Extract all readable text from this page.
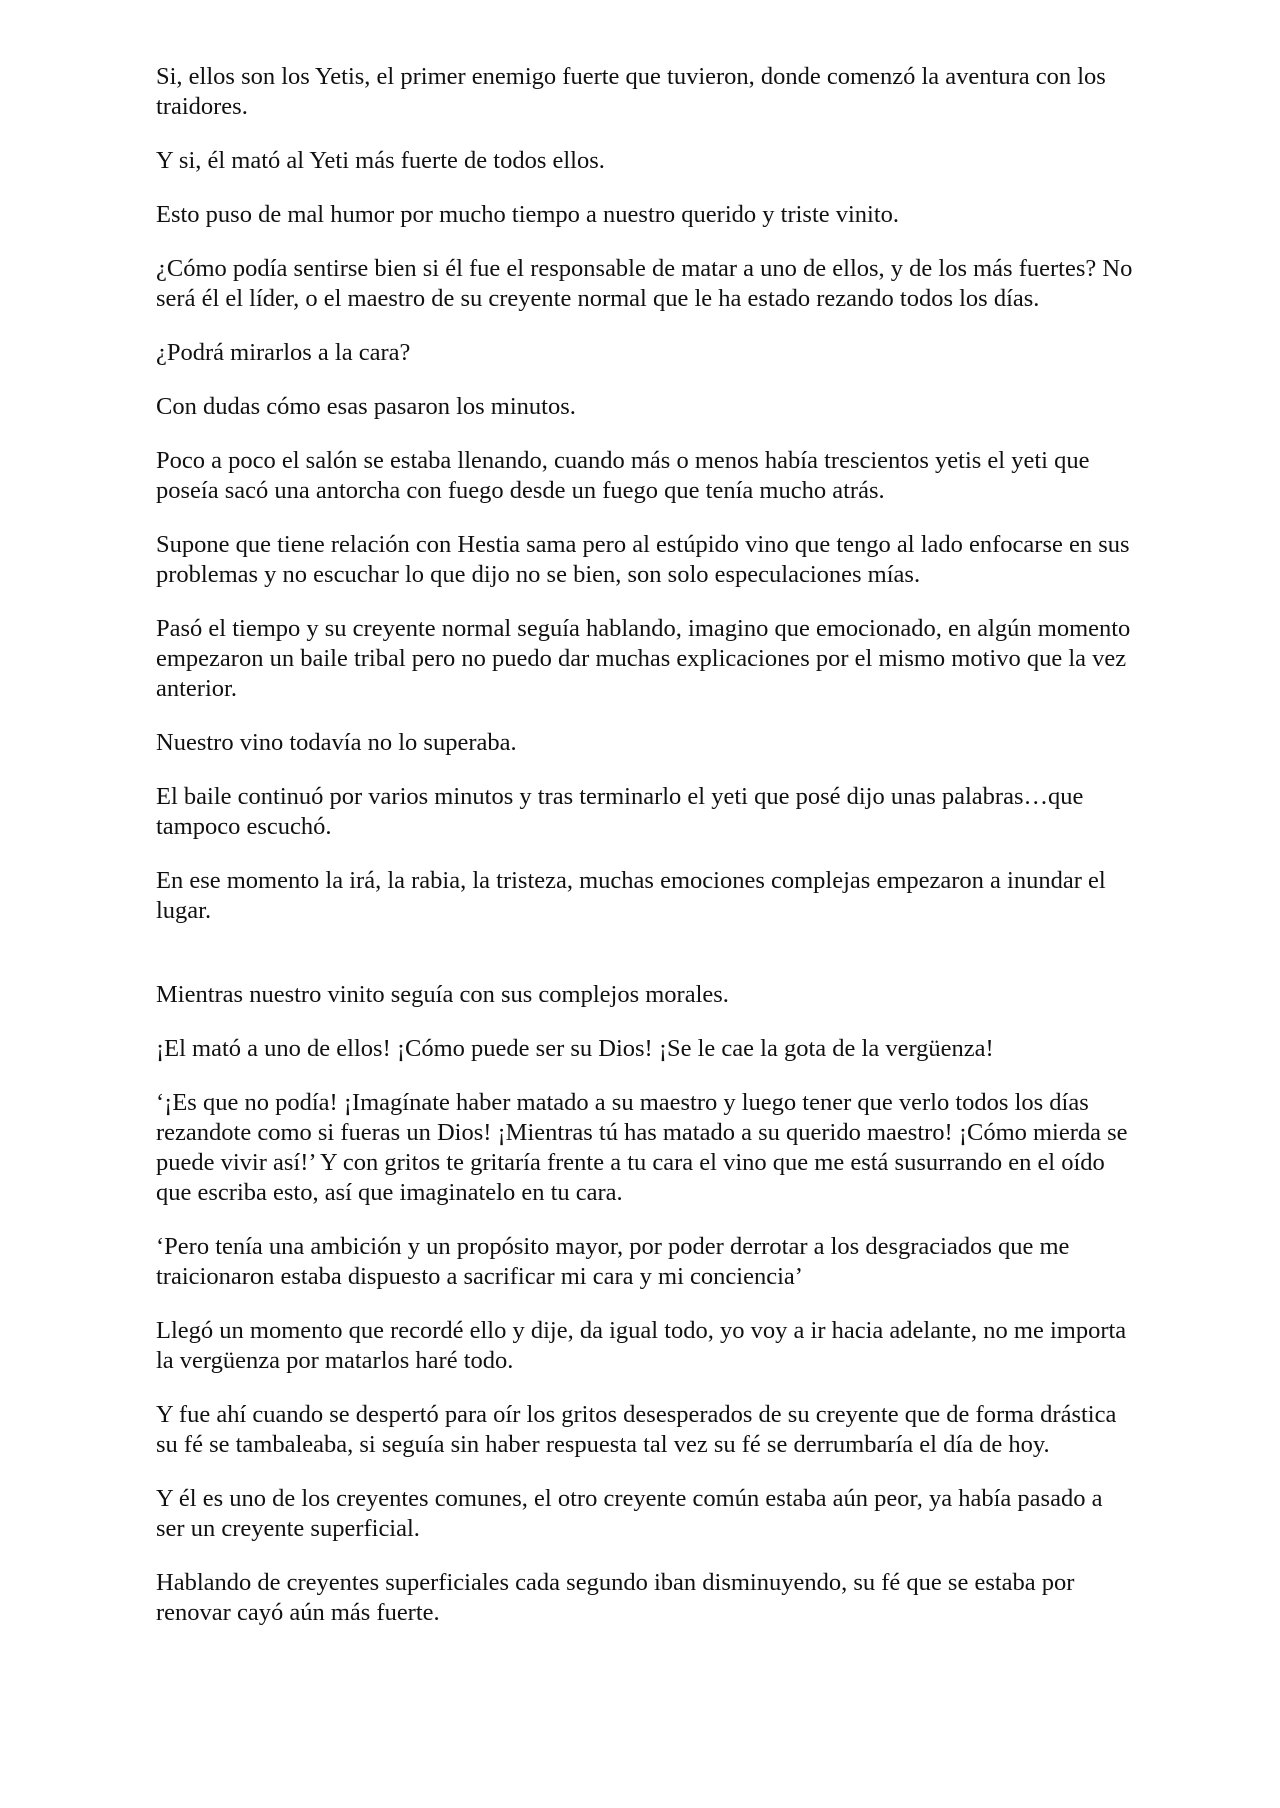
Si, ellos son los Yetis, el primer enemigo fuerte que tuvieron, donde comenzó la aventura con los traidores.

Y si, él mató al Yeti más fuerte de todos ellos.

Esto puso de mal humor por mucho tiempo a nuestro querido y triste vinito.

¿Cómo podía sentirse bien si él fue el responsable de matar a uno de ellos, y de los más fuertes? No será él el líder, o el maestro de su creyente normal que le ha estado rezando todos los días.

¿Podrá mirarlos a la cara?

Con dudas cómo esas pasaron los minutos.

Poco a poco el salón se estaba llenando, cuando más o menos había trescientos yetis el yeti que poseía sacó una antorcha con fuego desde un fuego que tenía mucho atrás.

Supone que tiene relación con Hestia sama pero al estúpido vino que tengo al lado enfocarse en sus problemas y no escuchar lo que dijo no se bien, son solo especulaciones mías.

Pasó el tiempo y su creyente normal seguía hablando, imagino que emocionado, en algún momento empezaron un baile tribal pero no puedo dar muchas explicaciones por el mismo motivo que la vez anterior.

Nuestro vino todavía no lo superaba.

El baile continuó por varios minutos y tras terminarlo el yeti que posé dijo unas palabras…que tampoco escuchó.

En ese momento la irá, la rabia, la tristeza, muchas emociones complejas empezaron a inundar el lugar.

Mientras nuestro vinito seguía con sus complejos morales.

¡El mató a uno de ellos! ¡Cómo puede ser su Dios! ¡Se le cae la gota de la vergüenza!

‘¡Es que no podía! ¡Imagínate haber matado a su maestro y luego tener que verlo todos los días rezandote como si fueras un Dios! ¡Mientras tú has matado a su querido maestro! ¡Cómo mierda se puede vivir así!’ Y con gritos te gritaría frente a tu cara el vino que me está susurrando en el oído que escriba esto, así que imaginatelo en tu cara.

‘Pero tenía una ambición y un propósito mayor, por poder derrotar a los desgraciados que me traicionaron estaba dispuesto a sacrificar mi cara y mi conciencia’

Llegó un momento que recordé ello y dije, da igual todo, yo voy a ir hacia adelante, no me importa la vergüenza por matarlos haré todo.

Y fue ahí cuando se despertó para oír los gritos desesperados de su creyente que de forma drástica su fé se tambaleaba, si seguía sin haber respuesta tal vez su fé se derrumbaría el día de hoy.

Y él es uno de los creyentes comunes, el otro creyente común estaba aún peor, ya había pasado a ser un creyente superficial.

Hablando de creyentes superficiales cada segundo iban disminuyendo, su fé que se estaba por renovar cayó aún más fuerte.
